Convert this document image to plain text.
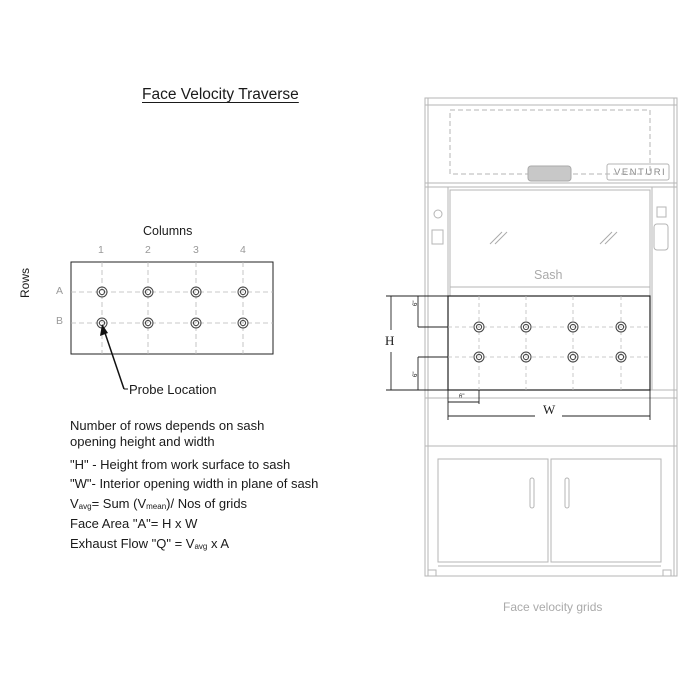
Face Velocity Traverse
Columns
Rows
1	2	3	4
A
B
Probe Location
Number of rows depends on sash
opening height and width
"H" - Height from work surface to sash
"W"- Interior opening width in plane of sash
Vavg= Sum (Vmean)/ Nos of grids
Face Area "A"= H x W
Exhaust Flow "Q" = Vavg x A
VENTURI
Sash
H
W
6"
6"
6"
Face velocity grids
